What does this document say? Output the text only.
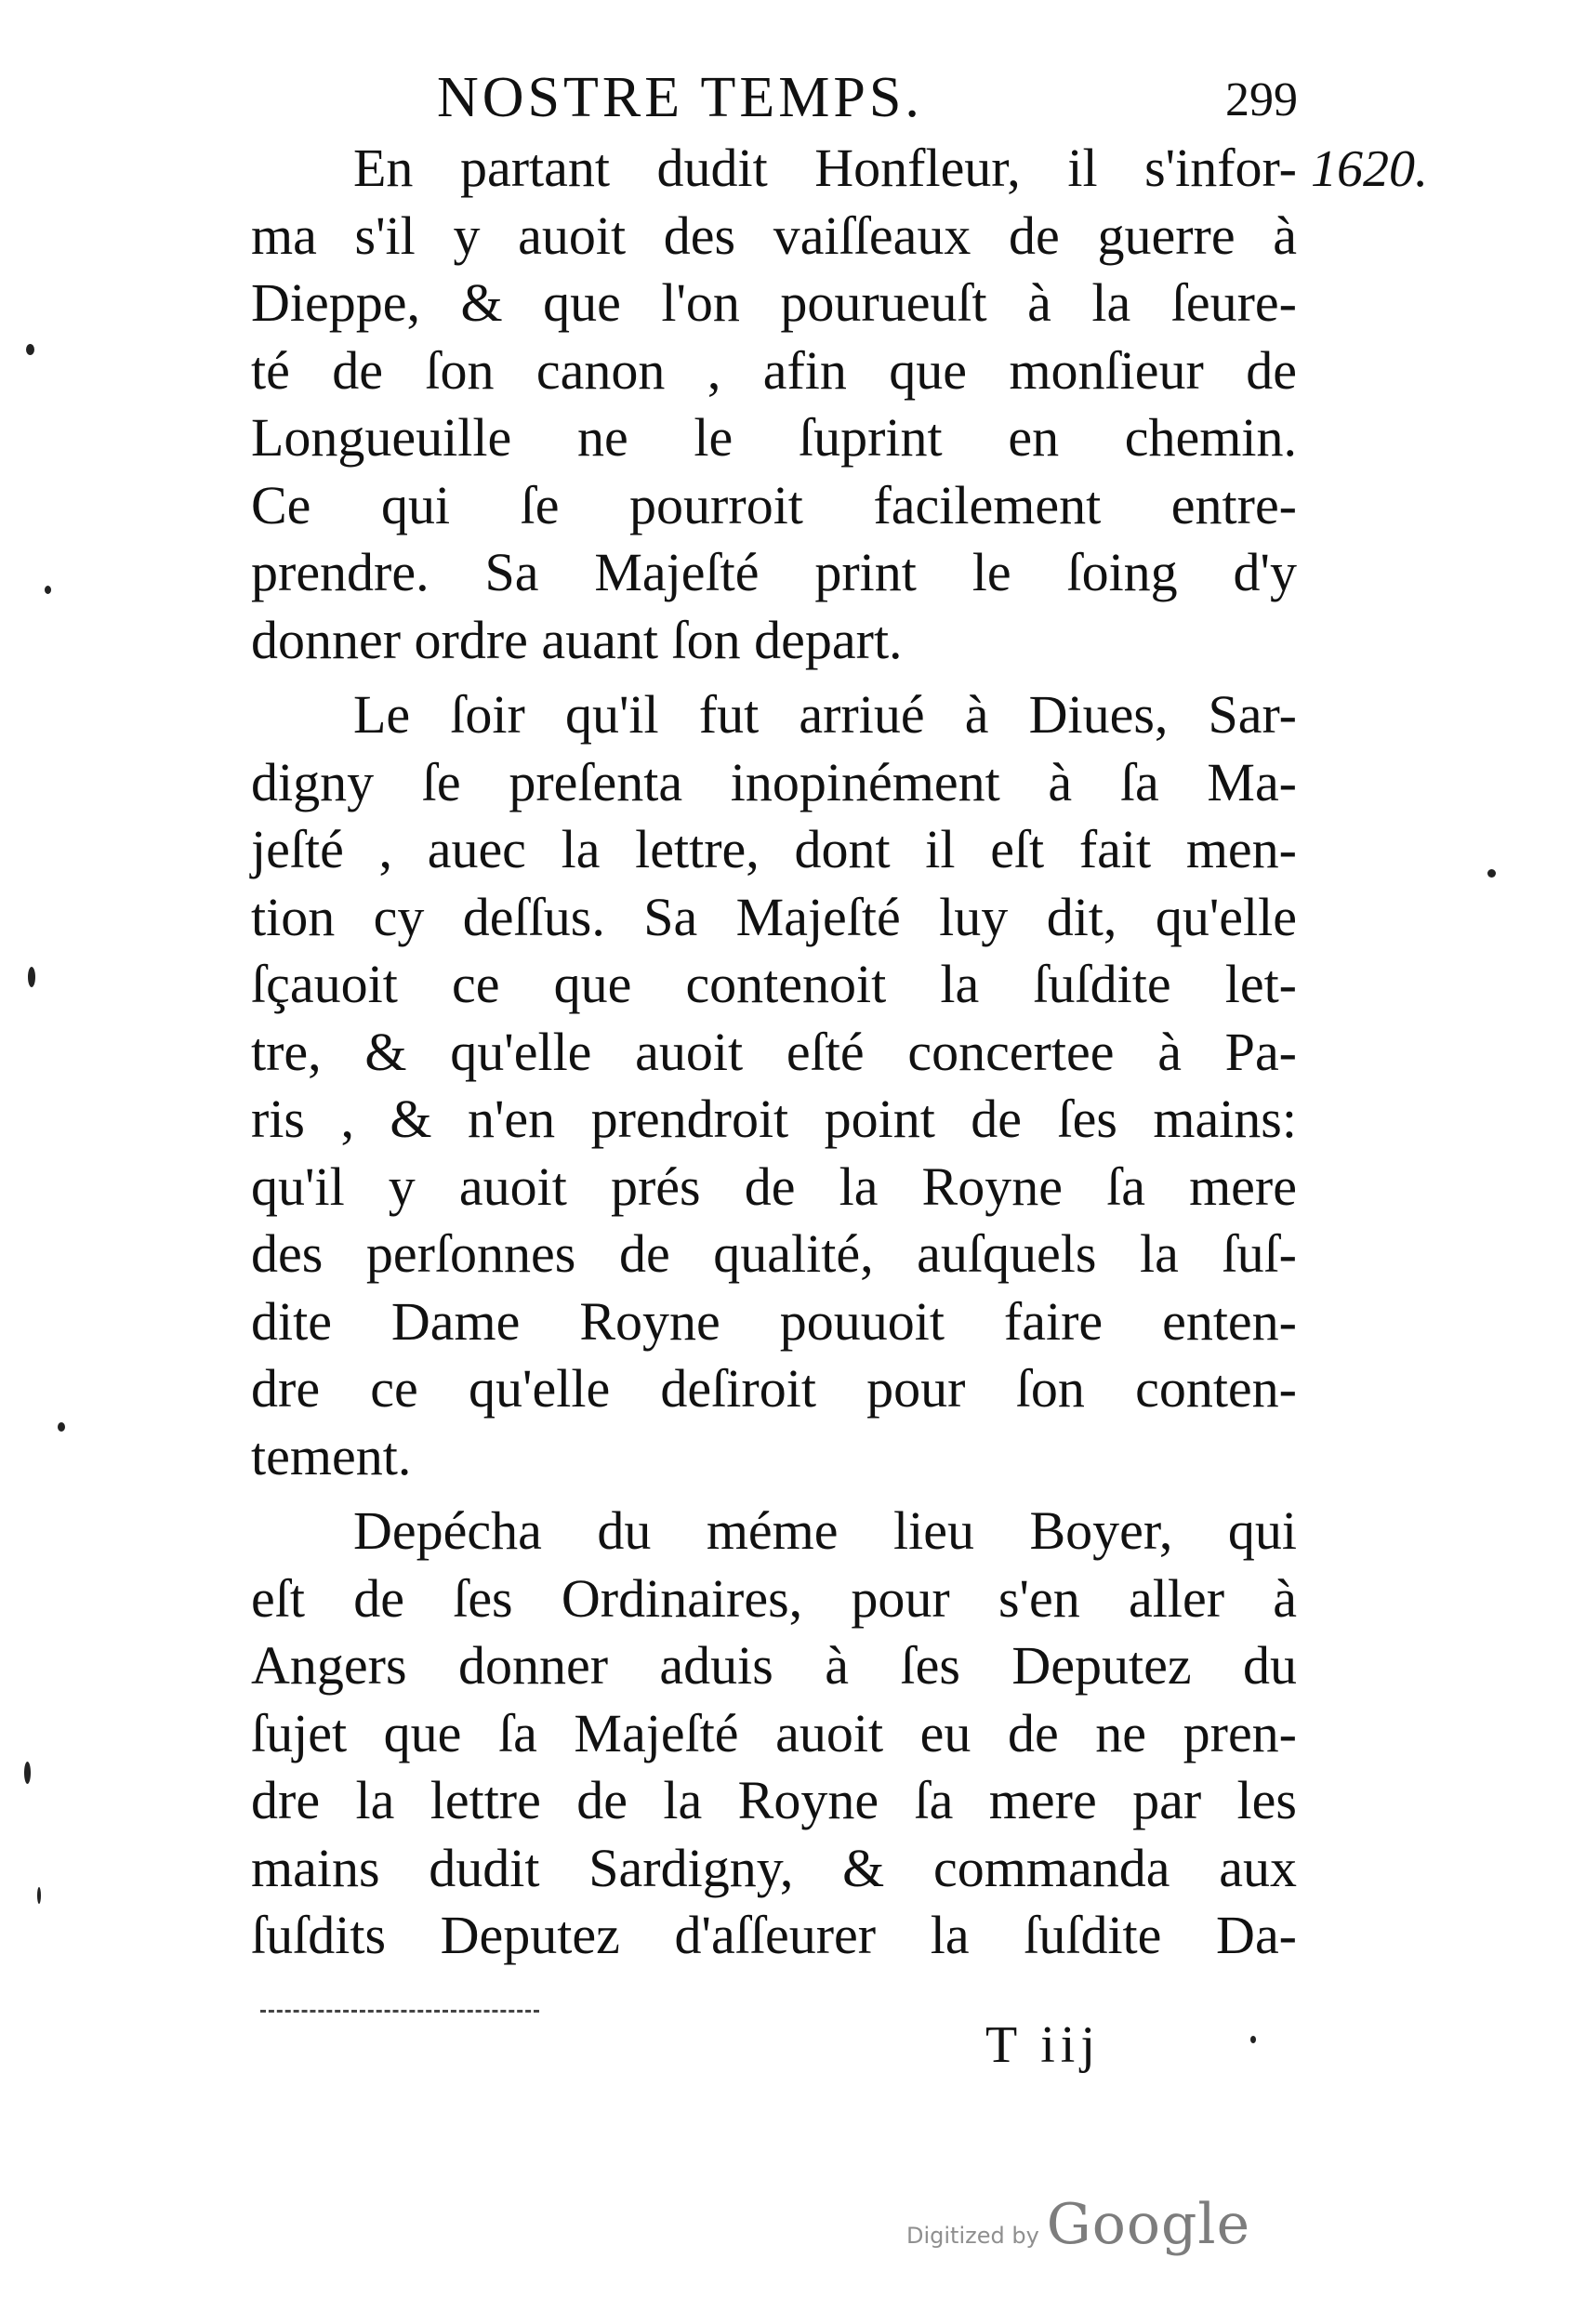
NOSTRE TEMPS.	299
1620.
En partant dudit Honfleur, il s'infor-
ma s'il y auoit des vaiſſeaux de guerre à
Dieppe, & que l'on pourueuſt à la ſeure-
té de ſon canon , afin que monſieur de
Longueuille ne le ſuprint en chemin.
Ce qui ſe pourroit facilement entre-
prendre. Sa Majeſté print le ſoing d'y
donner ordre auant ſon depart.
Le ſoir qu'il fut arriué à Diues, Sar-
digny ſe preſenta inopinément à ſa Ma-
jeſté , auec la lettre, dont il eſt fait men-
tion cy deſſus. Sa Majeſté luy dit, qu'elle
ſçauoit ce que contenoit la ſuſdite let-
tre, & qu'elle auoit eſté concertee à Pa-
ris , & n'en prendroit point de ſes mains:
qu'il y auoit prés de la Royne ſa mere
des perſonnes de qualité, auſquels la ſuſ-
dite Dame Royne pouuoit faire enten-
dre ce qu'elle deſiroit pour ſon conten-
tement.
Depécha du méme lieu Boyer, qui
eſt de ſes Ordinaires, pour s'en aller à
Angers donner aduis à ſes Deputez du
ſujet que ſa Majeſté auoit eu de ne pren-
dre la lettre de la Royne ſa mere par les
mains dudit Sardigny, & commanda aux
ſuſdits Deputez d'aſſeurer la ſuſdite Da-
T iij
Digitized by Google
